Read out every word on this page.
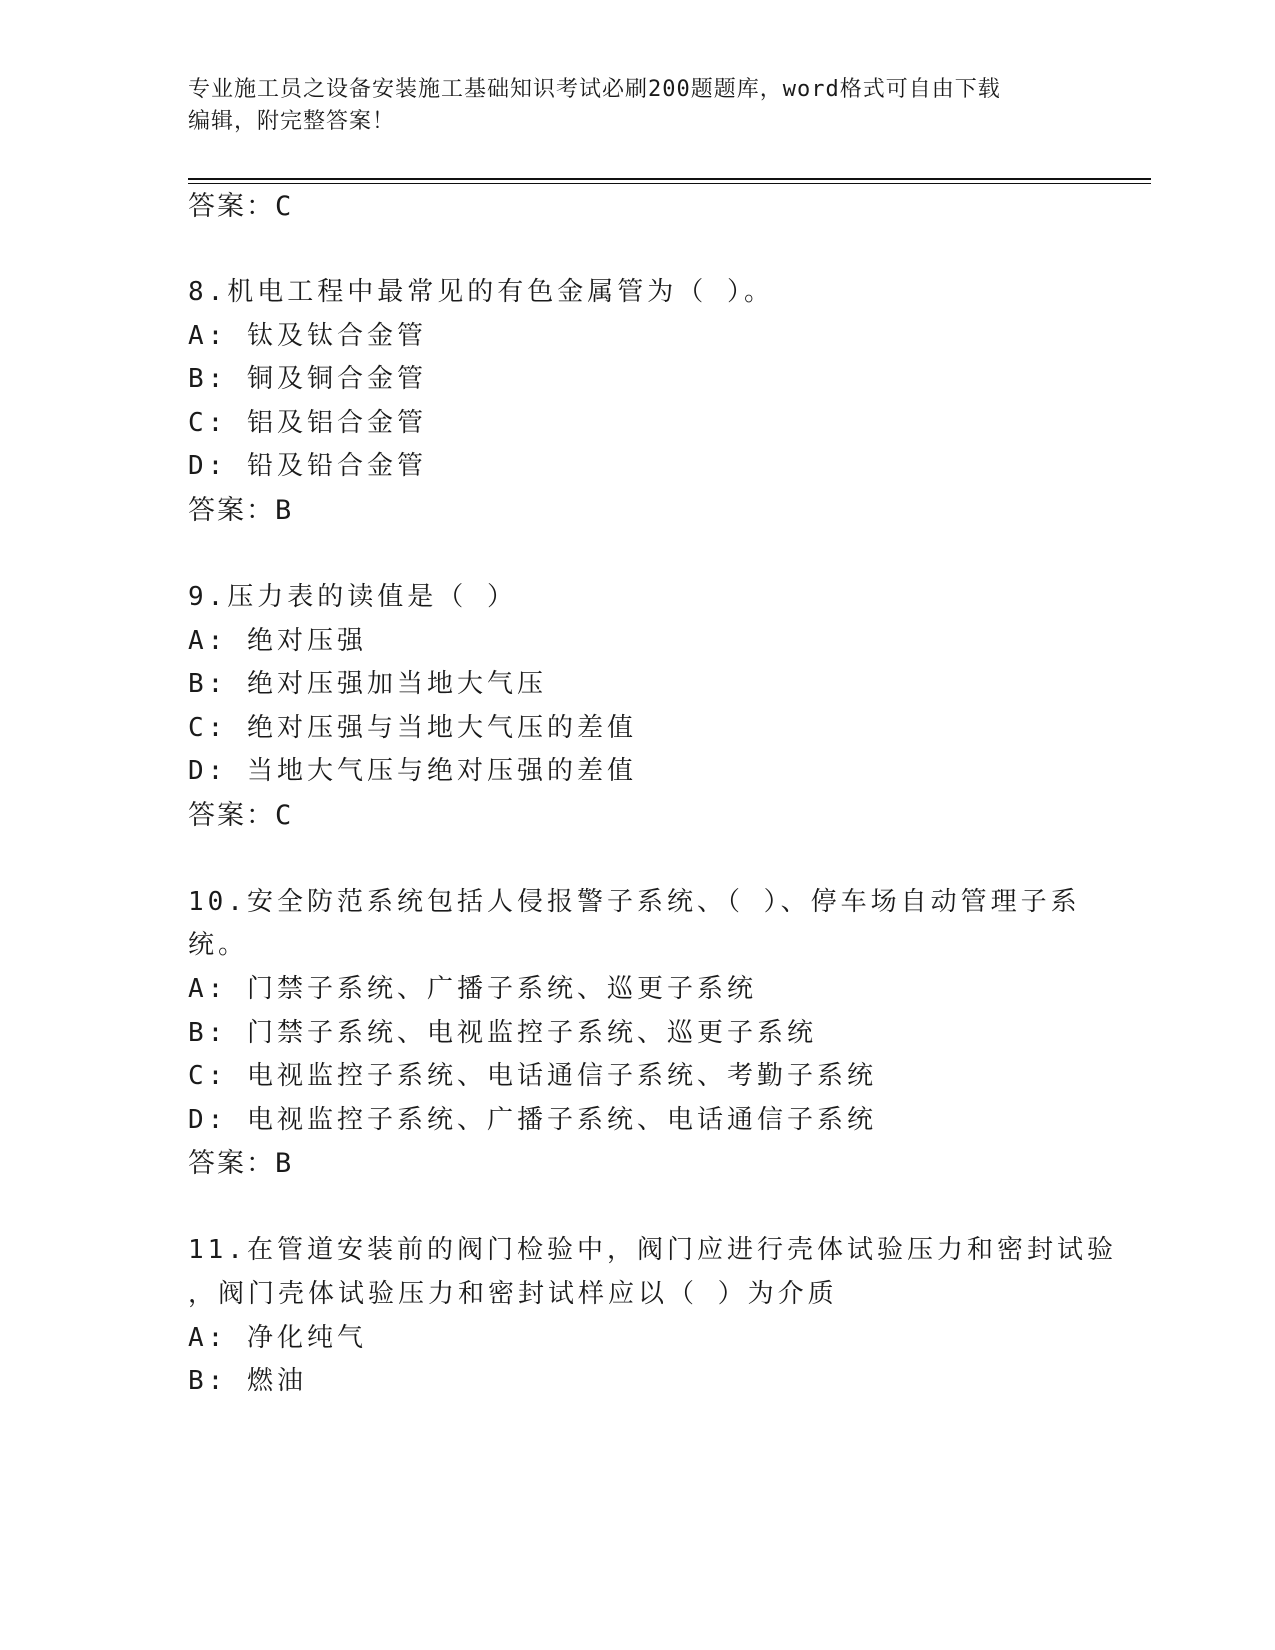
专业施工员之设备安装施工基础知识考试必刷200题题库，word格式可自由下载
编辑，附完整答案！
答案：C
8.机电工程中最常见的有色金属管为（ ）。
A: 钛及钛合金管
B: 铜及铜合金管
C: 铝及铝合金管
D: 铅及铅合金管
答案：B
9.压力表的读值是（ ）
A: 绝对压强
B: 绝对压强加当地大气压
C: 绝对压强与当地大气压的差值
D: 当地大气压与绝对压强的差值
答案：C
10.安全防范系统包括人侵报警子系统、（ ）、停车场自动管理子系
统。
A: 门禁子系统、广播子系统、巡更子系统
B: 门禁子系统、电视监控子系统、巡更子系统
C: 电视监控子系统、电话通信子系统、考勤子系统
D: 电视监控子系统、广播子系统、电话通信子系统
答案：B
11.在管道安装前的阀门检验中，阀门应进行壳体试验压力和密封试验
，阀门壳体试验压力和密封试样应以（ ）为介质
A: 净化纯气
B: 燃油
